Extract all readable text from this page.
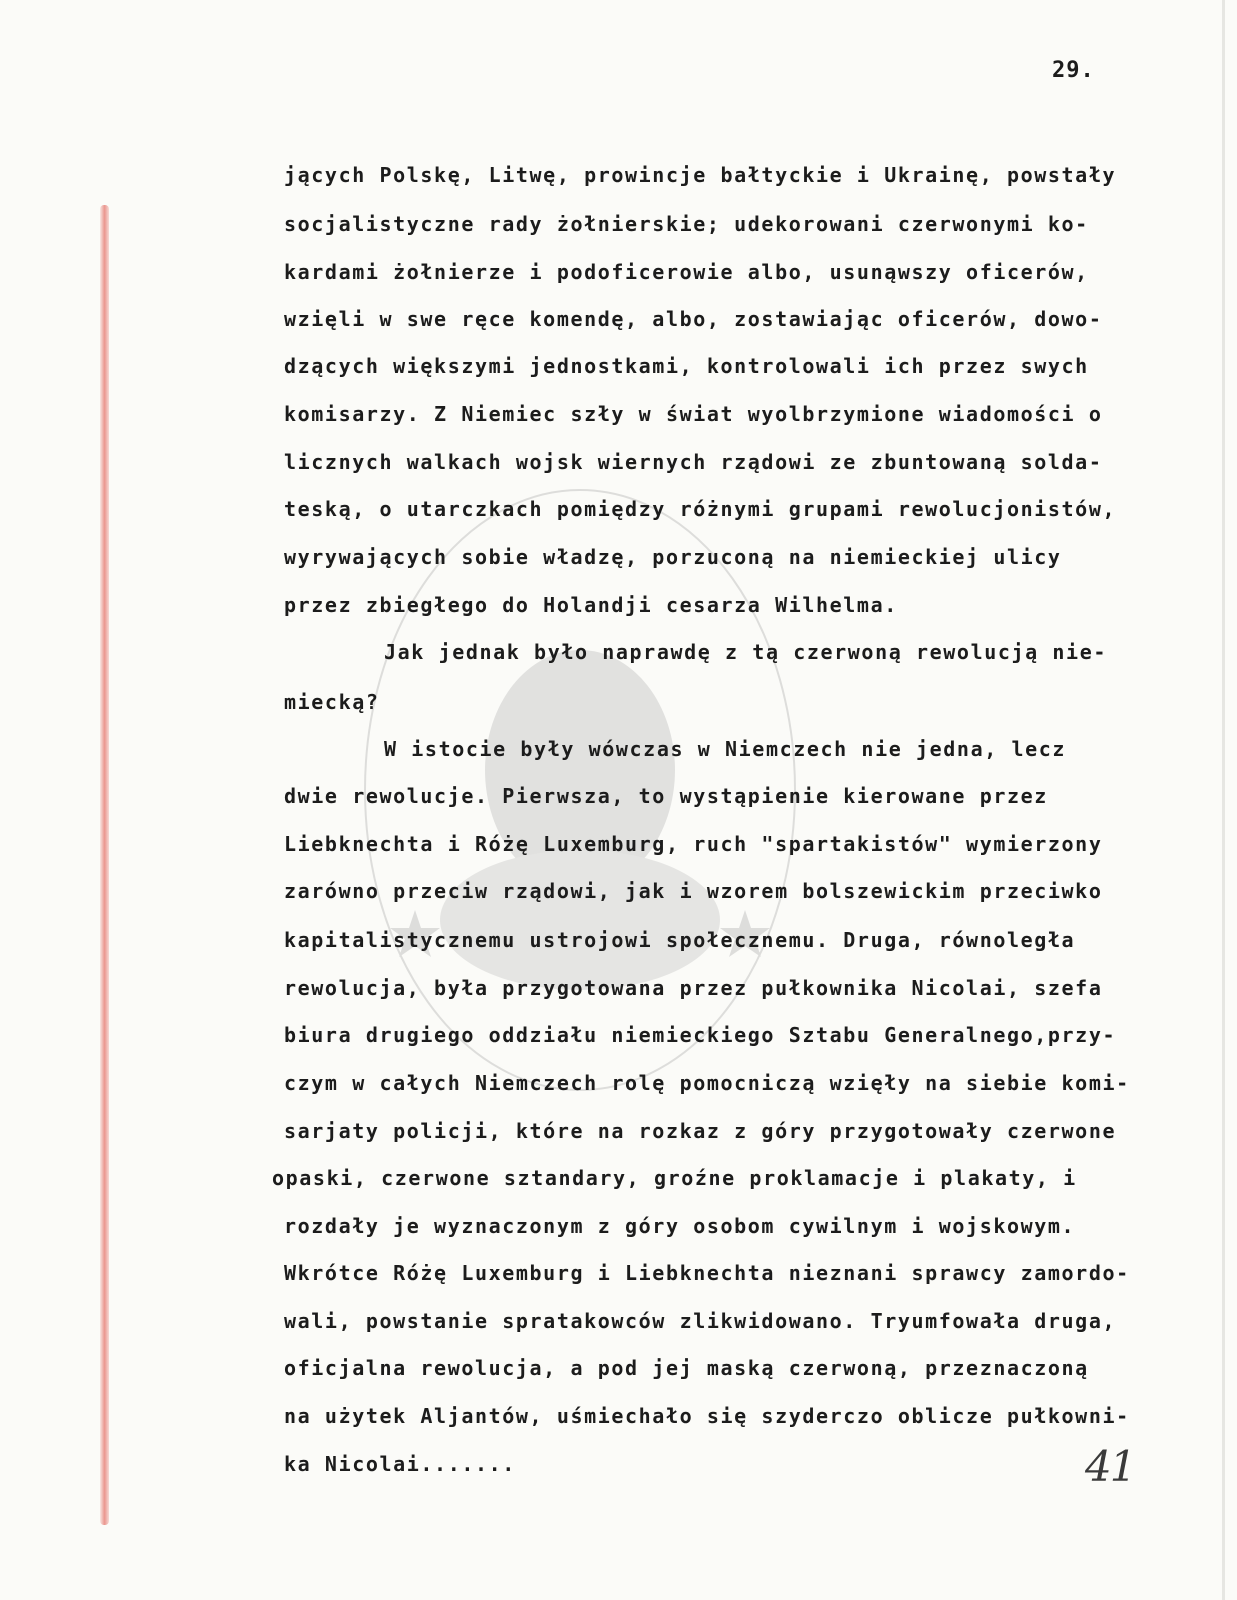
29.
jących Polskę, Litwę, prowincje bałtyckie i Ukrainę, powstały
socjalistyczne rady żołnierskie; udekorowani czerwonymi ko-
kardami żołnierze i podoficerowie albo, usunąwszy oficerów,
wzięli w swe ręce komendę, albo, zostawiając oficerów, dowo-
dzących większymi jednostkami, kontrolowali ich przez swych
komisarzy. Z Niemiec szły w świat wyolbrzymione wiadomości o
licznych walkach wojsk wiernych rządowi ze zbuntowaną solda-
teską, o utarczkach pomiędzy różnymi grupami rewolucjonistów,
wyrywających sobie władzę, porzuconą na niemieckiej ulicy
przez zbiegłego do Holandji cesarza Wilhelma.
Jak jednak było naprawdę z tą czerwoną rewolucją nie-
miecką?
W istocie były wówczas w Niemczech nie jedna, lecz
dwie rewolucje. Pierwsza, to wystąpienie kierowane przez
Liebknechta i Różę Luxemburg, ruch "spartakistów" wymierzony
zarówno przeciw rządowi, jak i wzorem bolszewickim przeciwko
kapitalistycznemu ustrojowi społecznemu. Druga, równoległa
rewolucja, była przygotowana przez pułkownika Nicolai, szefa
biura drugiego oddziału niemieckiego Sztabu Generalnego,przy-
czym w całych Niemczech rolę pomocniczą wzięły na siebie komi-
sarjaty policji, które na rozkaz z góry przygotowały czerwone
opaski, czerwone sztandary, groźne proklamacje i plakaty, i
rozdały je wyznaczonym z góry osobom cywilnym i wojskowym.
Wkrótce Różę Luxemburg i Liebknechta nieznani sprawcy zamordo-
wali, powstanie spratakowców zlikwidowano. Tryumfowała druga,
oficjalna rewolucja, a pod jej maską czerwoną, przeznaczoną
na użytek Aljantów, uśmiechało się szyderczo oblicze pułkowni-
ka Nicolai.......	41
